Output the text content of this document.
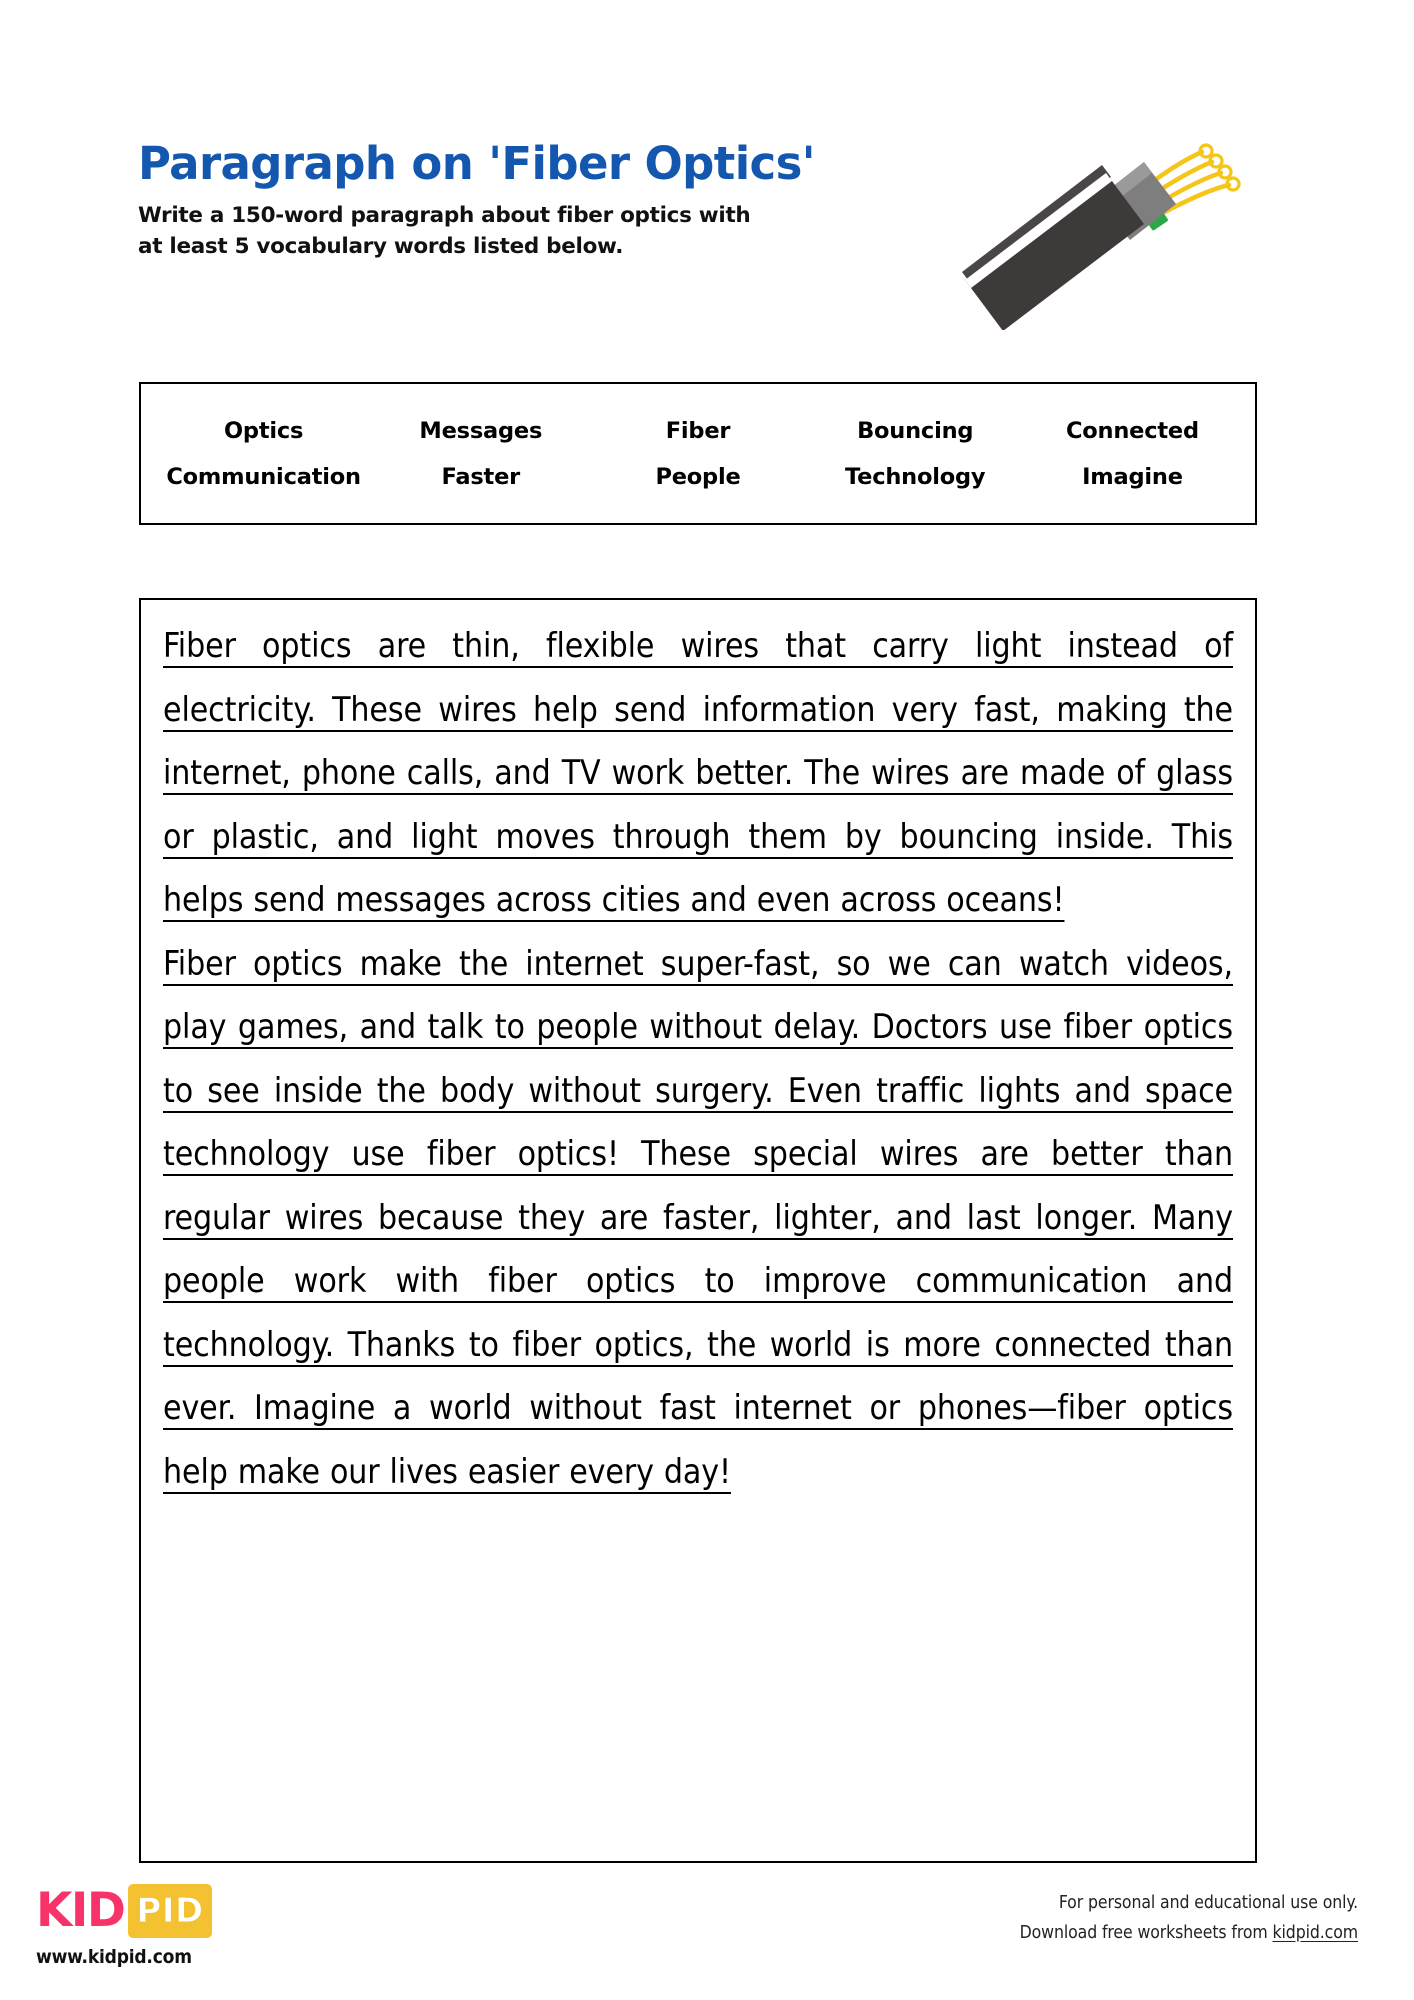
Paragraph on 'Fiber Optics'

Write a 150-word paragraph about fiber optics with
at least 5 vocabulary words listed below.

Optics	Messages	Fiber	Bouncing	Connected
Communication	Faster	People	Technology	Imagine

Fiber optics are thin, flexible wires that carry light instead of electricity. These wires help send information very fast, making the internet, phone calls, and TV work better. The wires are made of glass or plastic, and light moves through them by bouncing inside. This helps send messages across cities and even across oceans!

Fiber optics make the internet super-fast, so we can watch videos, play games, and talk to people without delay. Doctors use fiber optics to see inside the body without surgery. Even traffic lights and space technology use fiber optics! These special wires are better than regular wires because they are faster, lighter, and last longer. Many people work with fiber optics to improve communication and technology. Thanks to fiber optics, the world is more connected than ever. Imagine a world without fast internet or phones—fiber optics help make our lives easier every day!

KID PID
www.kidpid.com
For personal and educational use only.
Download free worksheets from kidpid.com
